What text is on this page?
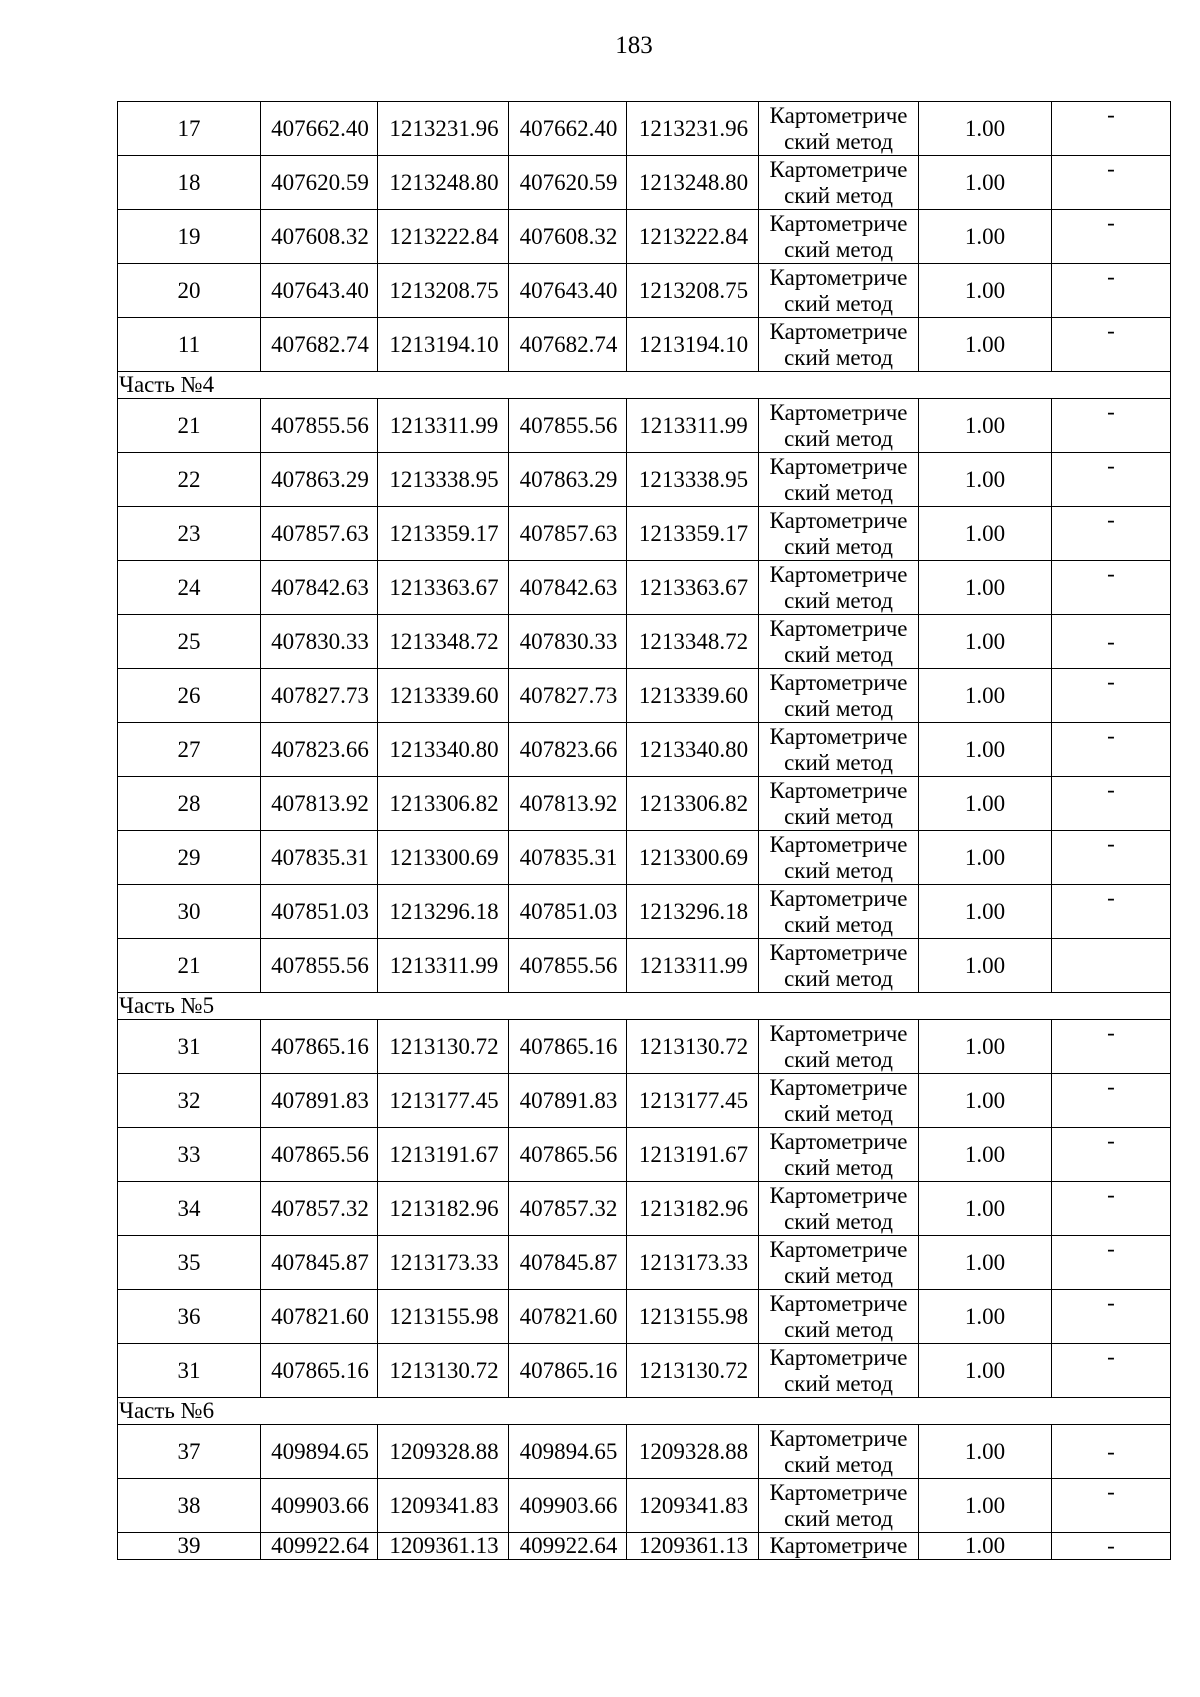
183
17	407662.40	1213231.96	407662.40	1213231.96	Картометриче
ский метод	1.00	-
18	407620.59	1213248.80	407620.59	1213248.80	Картометриче
ский метод	1.00	-
19	407608.32	1213222.84	407608.32	1213222.84	Картометриче
ский метод	1.00	-
20	407643.40	1213208.75	407643.40	1213208.75	Картометриче
ский метод	1.00	-
11	407682.74	1213194.10	407682.74	1213194.10	Картометриче
ский метод	1.00	-
Часть №4							
21	407855.56	1213311.99	407855.56	1213311.99	Картометриче
ский метод	1.00	-
22	407863.29	1213338.95	407863.29	1213338.95	Картометриче
ский метод	1.00	-
23	407857.63	1213359.17	407857.63	1213359.17	Картометриче
ский метод	1.00	-
24	407842.63	1213363.67	407842.63	1213363.67	Картометриче
ский метод	1.00	-
25	407830.33	1213348.72	407830.33	1213348.72	Картометриче
ский метод	1.00	-
26	407827.73	1213339.60	407827.73	1213339.60	Картометриче
ский метод	1.00	-
27	407823.66	1213340.80	407823.66	1213340.80	Картометриче
ский метод	1.00	-
28	407813.92	1213306.82	407813.92	1213306.82	Картометриче
ский метод	1.00	-
29	407835.31	1213300.69	407835.31	1213300.69	Картометриче
ский метод	1.00	-
30	407851.03	1213296.18	407851.03	1213296.18	Картометриче
ский метод	1.00	-
21	407855.56	1213311.99	407855.56	1213311.99	Картометриче
ский метод	1.00	
Часть №5							
31	407865.16	1213130.72	407865.16	1213130.72	Картометриче
ский метод	1.00	-
32	407891.83	1213177.45	407891.83	1213177.45	Картометриче
ский метод	1.00	-
33	407865.56	1213191.67	407865.56	1213191.67	Картометриче
ский метод	1.00	-
34	407857.32	1213182.96	407857.32	1213182.96	Картометриче
ский метод	1.00	-
35	407845.87	1213173.33	407845.87	1213173.33	Картометриче
ский метод	1.00	-
36	407821.60	1213155.98	407821.60	1213155.98	Картометриче
ский метод	1.00	-
31	407865.16	1213130.72	407865.16	1213130.72	Картометриче
ский метод	1.00	-
Часть №6							
37	409894.65	1209328.88	409894.65	1209328.88	Картометриче
ский метод	1.00	-
38	409903.66	1209341.83	409903.66	1209341.83	Картометриче
ский метод	1.00	-
39	409922.64	1209361.13	409922.64	1209361.13	Картометриче	1.00	-
